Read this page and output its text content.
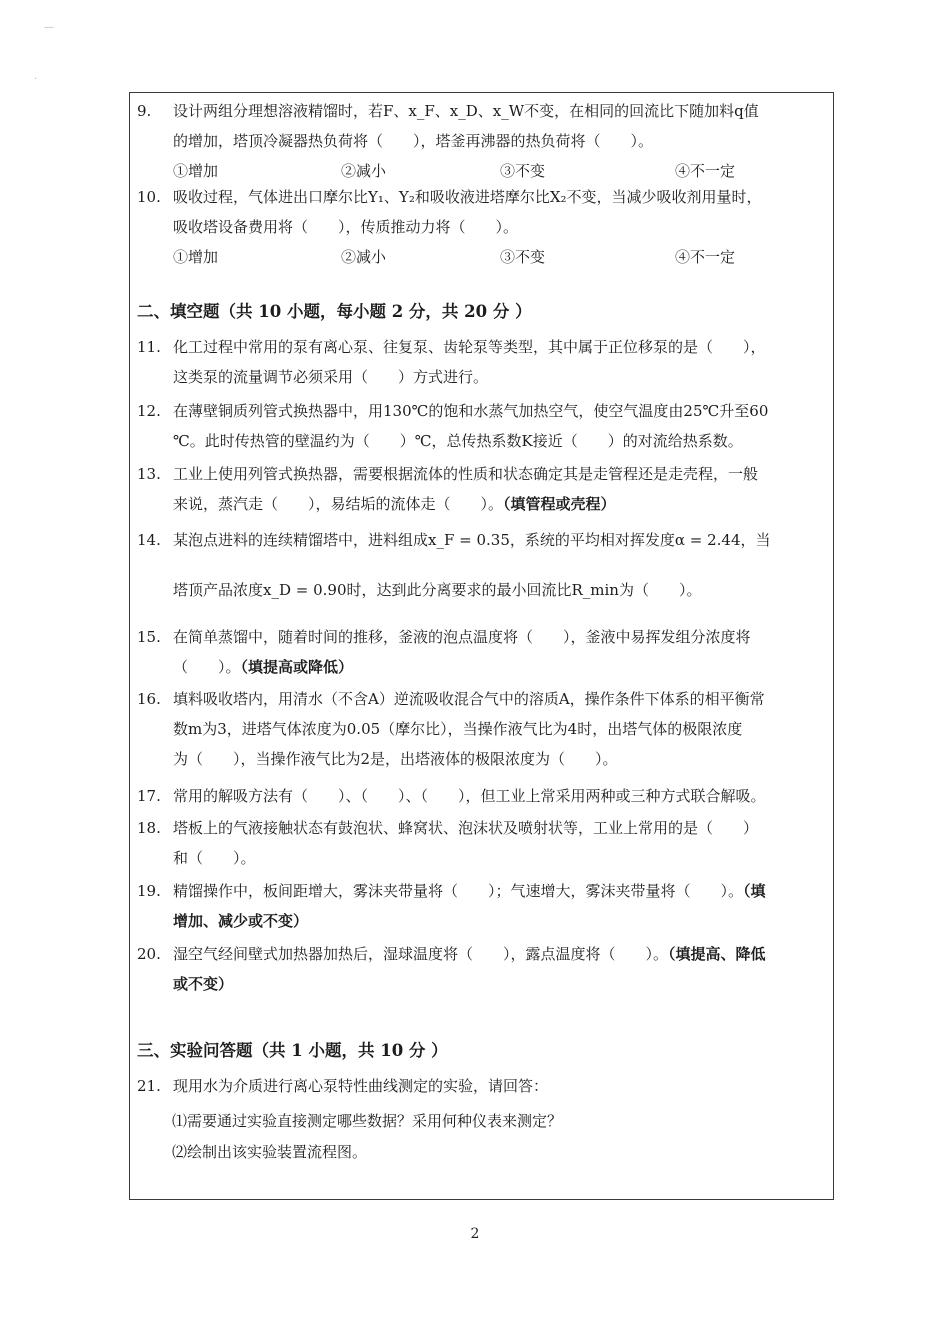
—
·
9.	设计两组分理想溶液精馏时，若F、x_F、x_D、x_W不变，在相同的回流比下随加料q值
的增加，塔顶冷凝器热负荷将（　　），塔釜再沸器的热负荷将（　　）。
①增加	②减小	③不变	④不一定
10. 吸收过程，气体进出口摩尔比Y₁、Y₂和吸收液进塔摩尔比X₂不变，当减少吸收剂用量时，
吸收塔设备费用将（　　），传质推动力将（　　）。
①增加	②减小	③不变	④不一定
二、填空题（共 10 小题，每小题 2 分，共 20 分 ）
11. 化工过程中常用的泵有离心泵、往复泵、齿轮泵等类型，其中属于正位移泵的是（　　），
这类泵的流量调节必须采用（　　）方式进行。
12. 在薄壁铜质列管式换热器中，用130℃的饱和水蒸气加热空气，使空气温度由25℃升至60
℃。此时传热管的壁温约为（　　）℃，总传热系数K接近（　　）的对流给热系数。
13. 工业上使用列管式换热器，需要根据流体的性质和状态确定其是走管程还是走壳程，一般
来说，蒸汽走（　　），易结垢的流体走（　　）。（填管程或壳程）
14. 某泡点进料的连续精馏塔中，进料组成x_F = 0.35，系统的平均相对挥发度α = 2.44，当
塔顶产品浓度x_D = 0.90时，达到此分离要求的最小回流比R_min为（　　）。
15. 在简单蒸馏中，随着时间的推移，釜液的泡点温度将（　　），釜液中易挥发组分浓度将
（　　）。（填提高或降低）
16. 填料吸收塔内，用清水（不含A）逆流吸收混合气中的溶质A，操作条件下体系的相平衡常
数m为3，进塔气体浓度为0.05（摩尔比），当操作液气比为4时，出塔气体的极限浓度
为（　　），当操作液气比为2是，出塔液体的极限浓度为（　　）。
17. 常用的解吸方法有（　　）、（　　）、（　　），但工业上常采用两种或三种方式联合解吸。
18. 塔板上的气液接触状态有鼓泡状、蜂窝状、泡沫状及喷射状等，工业上常用的是（　　）
和（　　）。
19. 精馏操作中，板间距增大，雾沫夹带量将（　　）；气速增大，雾沫夹带量将（　　）。（填
增加、减少或不变）
20. 湿空气经间壁式加热器加热后，湿球温度将（　　），露点温度将（　　）。（填提高、降低
或不变）
三、实验问答题（共 1 小题，共 10 分 ）
21. 现用水为介质进行离心泵特性曲线测定的实验，请回答：
⑴需要通过实验直接测定哪些数据？采用何种仪表来测定？
⑵绘制出该实验装置流程图。
2
